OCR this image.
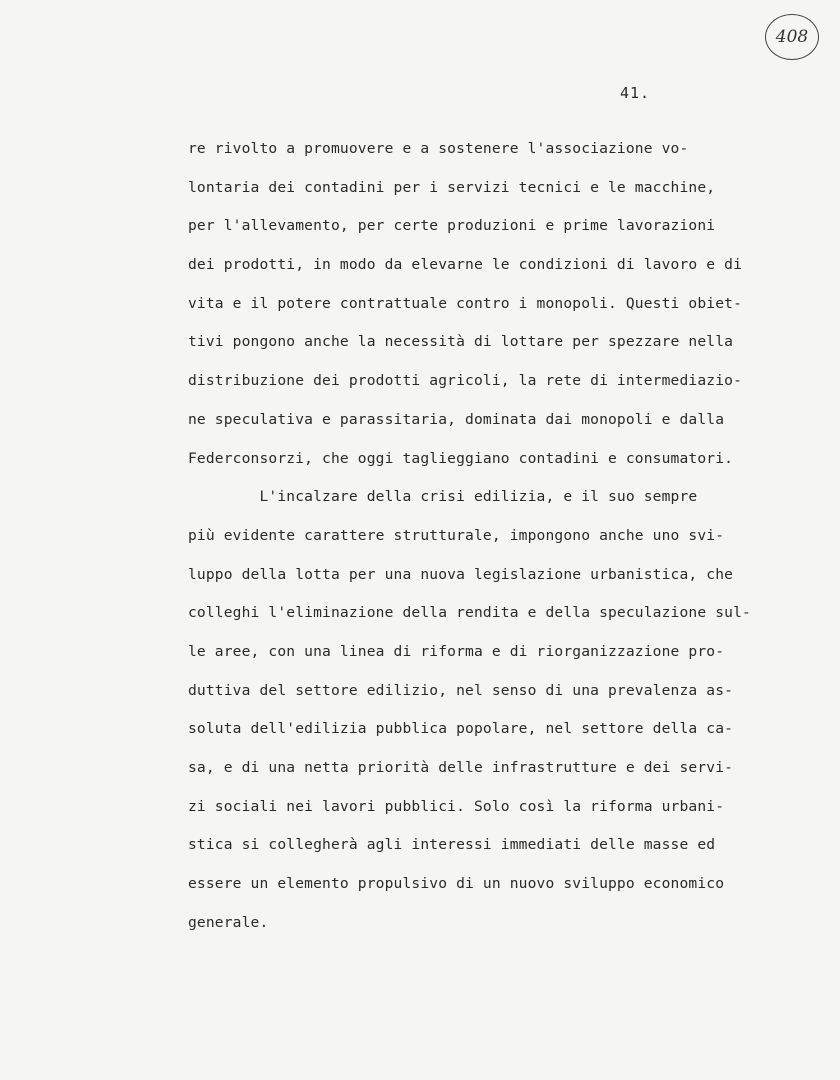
408
41.
re rivolto a promuovere e a sostenere l'associazione vo-
lontaria dei contadini per i servizi tecnici e le macchine,
per l'allevamento, per certe produzioni e prime lavorazioni
dei prodotti, in modo da elevarne le condizioni di lavoro e di
vita e il potere contrattuale contro i monopoli. Questi obiet-
tivi pongono anche la necessità di lottare per spezzare nella
distribuzione dei prodotti agricoli, la rete di intermediazio-
ne speculativa e parassitaria, dominata dai monopoli e dalla
Federconsorzi, che oggi taglieggiano contadini e consumatori.
L'incalzare della crisi edilizia, e il suo sempre
più evidente carattere strutturale, impongono anche uno svi-
luppo della lotta per una nuova legislazione urbanistica, che
colleghi l'eliminazione della rendita e della speculazione sul-
le aree, con una linea di riforma e di riorganizzazione pro-
duttiva del settore edilizio, nel senso di una prevalenza as-
soluta dell'edilizia pubblica popolare, nel settore della ca-
sa, e di una netta priorità delle infrastrutture e dei servi-
zi sociali nei lavori pubblici. Solo così la riforma urbani-
stica si collegherà agli interessi immediati delle masse ed
essere un elemento propulsivo di un nuovo sviluppo economico
generale.
